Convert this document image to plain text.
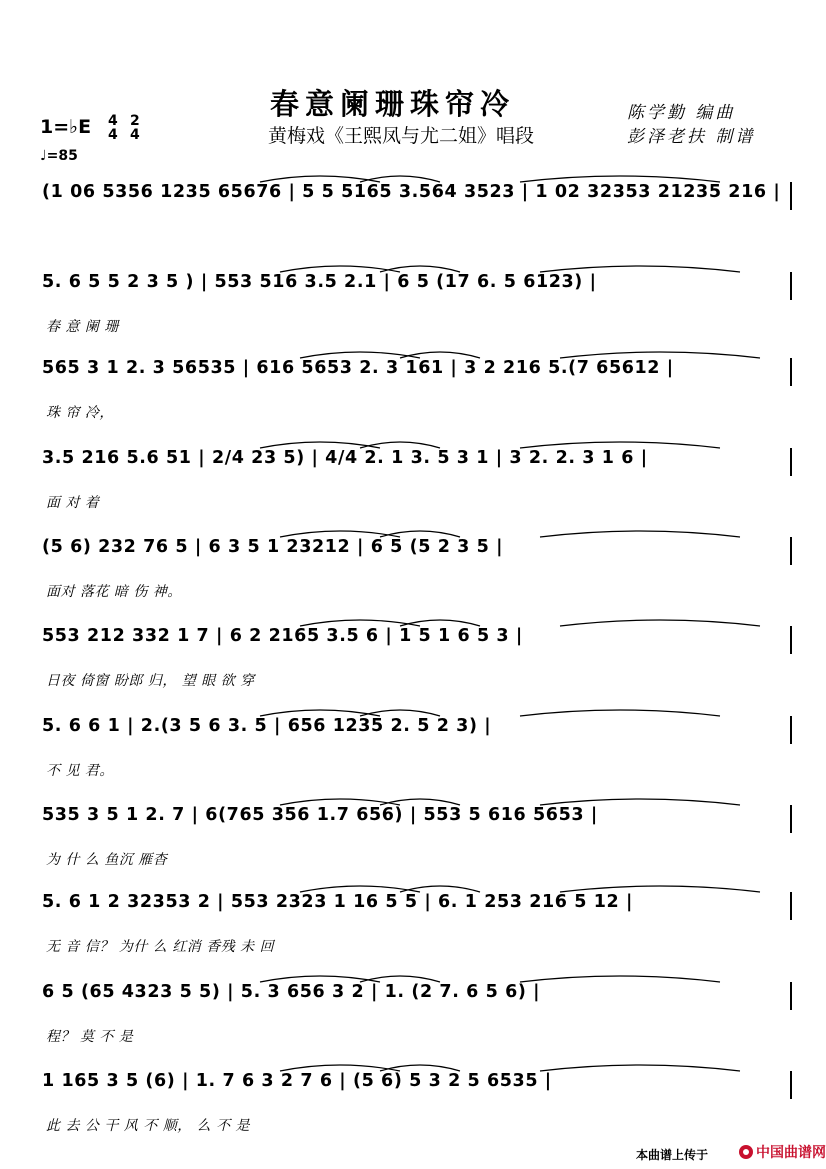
春意阑珊珠帘冷
黄梅戏《王熙凤与尤二姐》唱段
陈学勤 编曲
彭泽老扶 制谱
1=♭E 4
4
2
4
♩=85
(1 06 5356 1235 65676 | 5 5 5165 3.564 3523 | 1 02 32353 21235 216 |
5. 6 5 5 2 3 5 ) | 553 516 3.5 2.1 | 6 5 (17 6. 5 6123) |
春 意 阑 珊
565 3 1 2. 3 56535 | 616 5653 2. 3 161 | 3 2 216 5.(7 65612 |
珠 帘 冷，
3.5 216 5.6 51 | 2/4 23 5) | 4/4 2. 1 3. 5 3 1 | 3 2. 2. 3 1 6 |
面 对 着
(5 6) 232 76 5 | 6 3 5 1 23212 | 6 5 (5 2 3 5 |
面对 落花 暗 伤 神。
553 212 332 1 7 | 6 2 2165 3.5 6 | 1 5 1 6 5 3 |
日夜 倚窗 盼郎 归， 望 眼 欲 穿
5. 6 6 1 | 2.(3 5 6 3. 5 | 656 1235 2. 5 2 3) |
不 见 君。
535 3 5 1 2. 7 | 6(765 356 1.7 656) | 553 5 616 5653 |
为 什 么 鱼沉 雁杳
5. 6 1 2 32353 2 | 553 2323 1 16 5 5 | 6. 1 253 216 5 12 |
无 音 信？ 为什 么 红消 香残 未 回
6 5 (65 4323 5 5) | 5. 3 656 3 2 | 1. (2 7. 6 5 6) |
程？ 莫 不 是
1 165 3 5 (6) | 1. 7 6 3 2 7 6 | (5 6) 5 3 2 5 6535 |
此 去 公 干 风 不 顺， 么 不 是
本曲谱上传于	中国曲谱网
